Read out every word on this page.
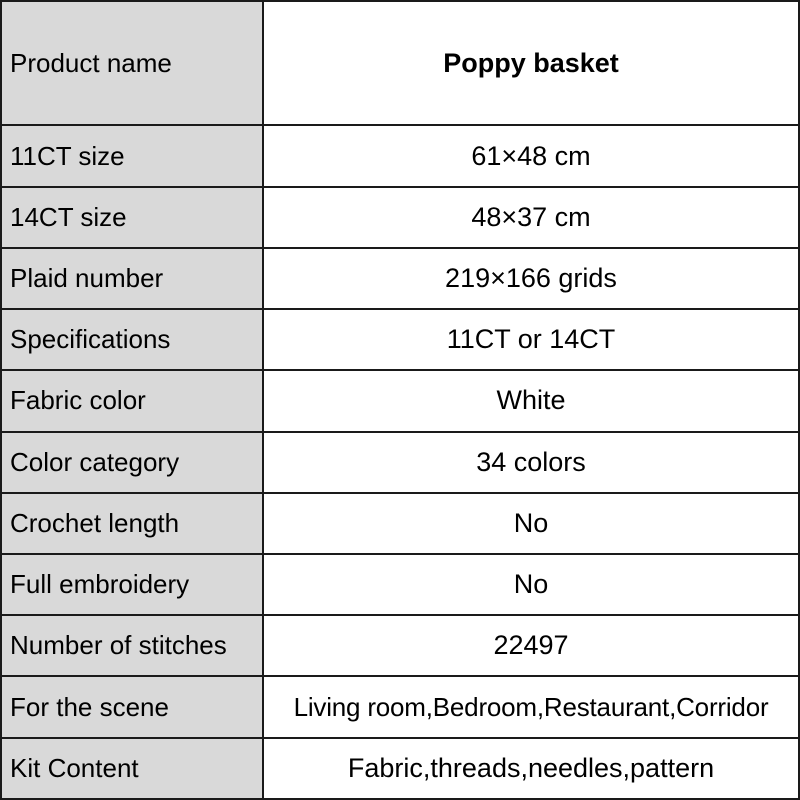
Product name	Poppy basket
11CT size	61×48 cm
14CT size	48×37 cm
Plaid number	219×166 grids
Specifications	11CT or 14CT
Fabric color	White
Color category	34 colors
Crochet length	No
Full embroidery	No
Number of stitches	22497
For the scene	Living room,Bedroom,Restaurant,Corridor
Kit Content	Fabric,threads,needles,pattern
